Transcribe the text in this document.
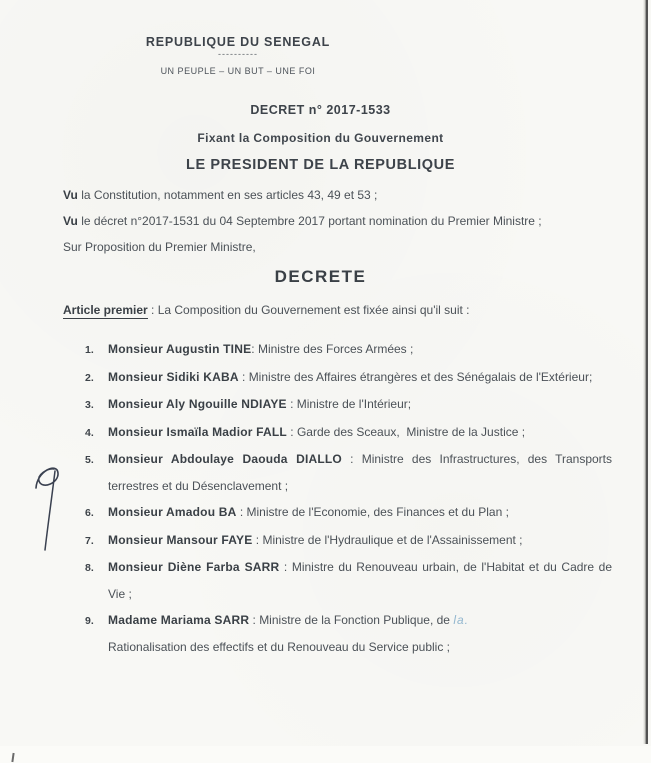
REPUBLIQUE DU SENEGAL
----------
UN PEUPLE – UN BUT – UNE FOI
DECRET n° 2017-1533
Fixant la Composition du Gouvernement
LE PRESIDENT DE LA REPUBLIQUE

Vu la Constitution, notamment en ses articles 43, 49 et 53 ;

Vu le décret n°2017-1531 du 04 Septembre 2017 portant nomination du Premier Ministre ;

Sur Proposition du Premier Ministre,

DECRETE

Article premier : La Composition du Gouvernement est fixée ainsi qu'il suit :

1.	Monsieur Augustin TINE: Ministre des Forces Armées ;
2.	Monsieur Sidiki KABA : Ministre des Affaires étrangères et des Sénégalais de l'Extérieur;
3.	Monsieur Aly Ngouille NDIAYE : Ministre de l'Intérieur;
4.	Monsieur Ismaïla Madior FALL : Garde des Sceaux,  Ministre de la Justice ;
5.	Monsieur Abdoulaye Daouda DIALLO : Ministre des Infrastructures, des Transports terrestres et du Désenclavement ;
6.	Monsieur Amadou BA : Ministre de l'Economie, des Finances et du Plan ;
7.	Monsieur Mansour FAYE : Ministre de l'Hydraulique et de l'Assainissement ;
8.	Monsieur Diène Farba SARR : Ministre du Renouveau urbain, de l'Habitat et du Cadre de Vie ;
9.	Madame Mariama SARR : Ministre de la Fonction Publique, de la.
Rationalisation des effectifs et du Renouveau du Service public ;
